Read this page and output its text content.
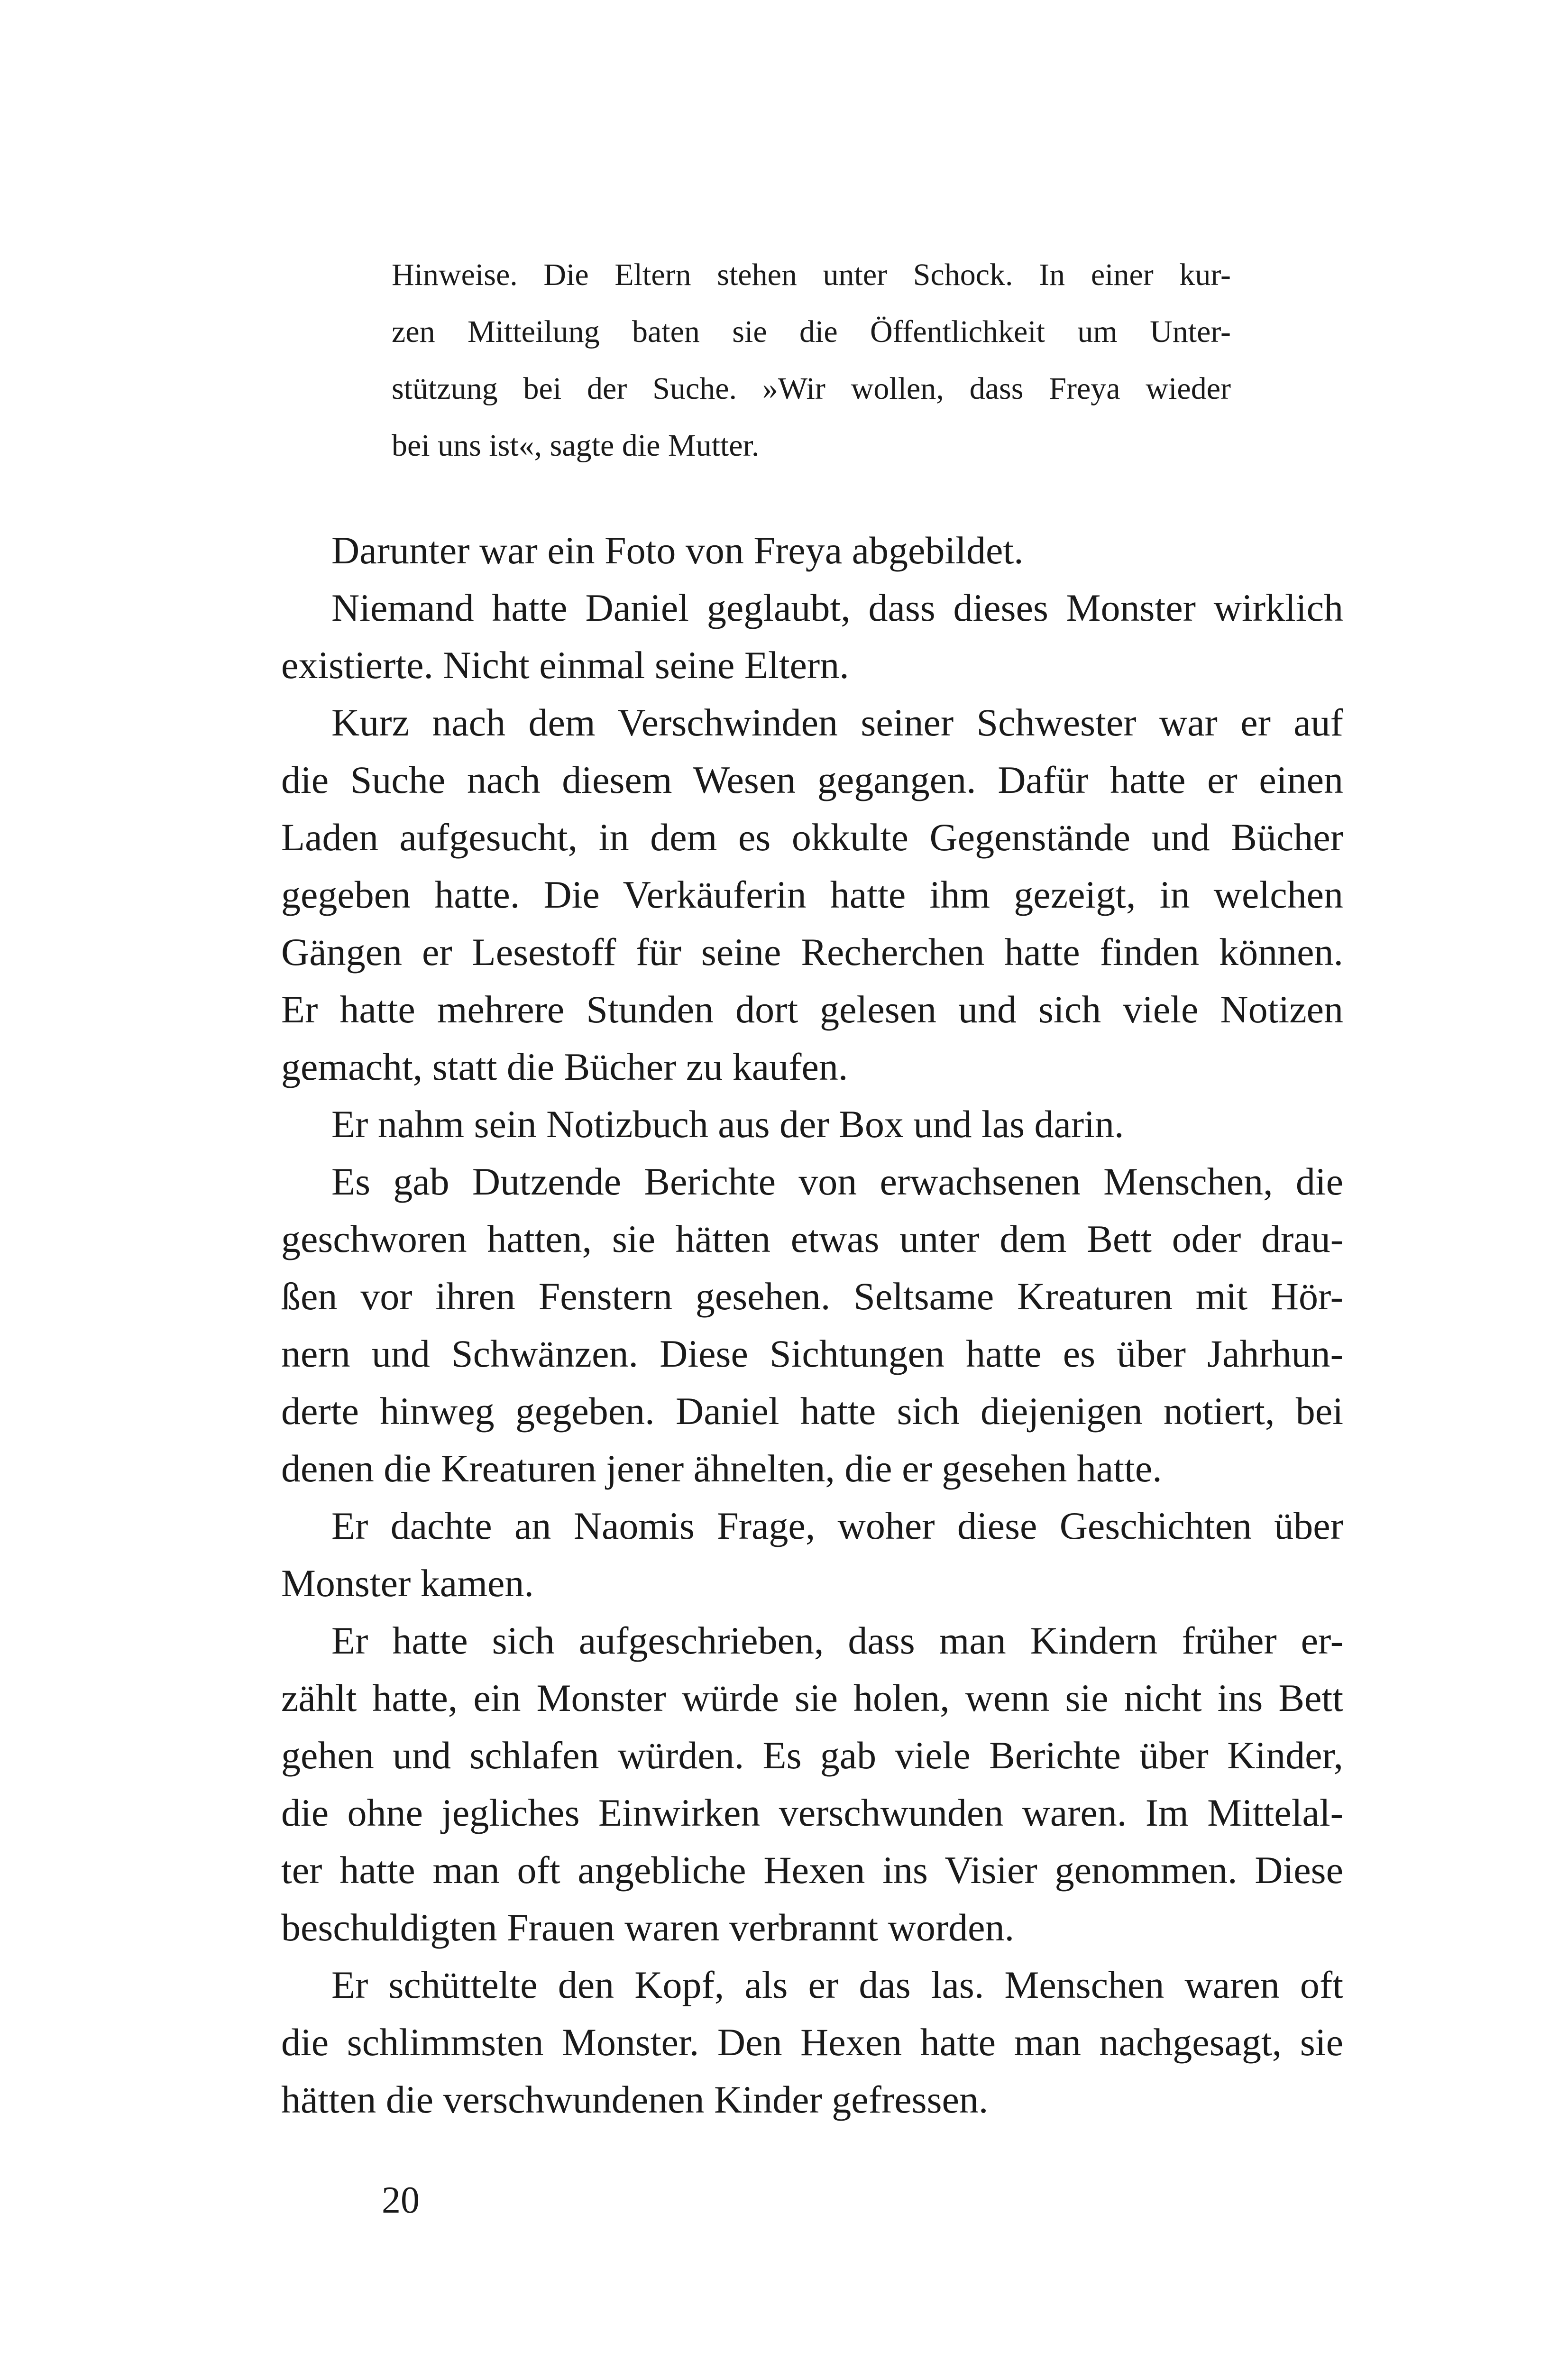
Hinweise. Die Eltern stehen unter Schock. In einer kur-
zen Mitteilung baten sie die Öffentlichkeit um Unter-
stützung bei der Suche. »Wir wollen, dass Freya wieder
bei uns ist«, sagte die Mutter.
Darunter war ein Foto von Freya abgebildet.
Niemand hatte Daniel geglaubt, dass dieses Monster wirklich
existierte. Nicht einmal seine Eltern.
Kurz nach dem Verschwinden seiner Schwester war er auf
die Suche nach diesem Wesen gegangen. Dafür hatte er einen
Laden aufgesucht, in dem es okkulte Gegenstände und Bücher
gegeben hatte. Die Verkäuferin hatte ihm gezeigt, in welchen
Gängen er Lesestoff für seine Recherchen hatte finden können.
Er hatte mehrere Stunden dort gelesen und sich viele Notizen
gemacht, statt die Bücher zu kaufen.
Er nahm sein Notizbuch aus der Box und las darin.
Es gab Dutzende Berichte von erwachsenen Menschen, die
geschworen hatten, sie hätten etwas unter dem Bett oder drau-
ßen vor ihren Fenstern gesehen. Seltsame Kreaturen mit Hör-
nern und Schwänzen. Diese Sichtungen hatte es über Jahrhun-
derte hinweg gegeben. Daniel hatte sich diejenigen notiert, bei
denen die Kreaturen jener ähnelten, die er gesehen hatte.
Er dachte an Naomis Frage, woher diese Geschichten über
Monster kamen.
Er hatte sich aufgeschrieben, dass man Kindern früher er-
zählt hatte, ein Monster würde sie holen, wenn sie nicht ins Bett
gehen und schlafen würden. Es gab viele Berichte über Kinder,
die ohne jegliches Einwirken verschwunden waren. Im Mittelal-
ter hatte man oft angebliche Hexen ins Visier genommen. Diese
beschuldigten Frauen waren verbrannt worden.
Er schüttelte den Kopf, als er das las. Menschen waren oft
die schlimmsten Monster. Den Hexen hatte man nachgesagt, sie
hätten die verschwundenen Kinder gefressen.
20
